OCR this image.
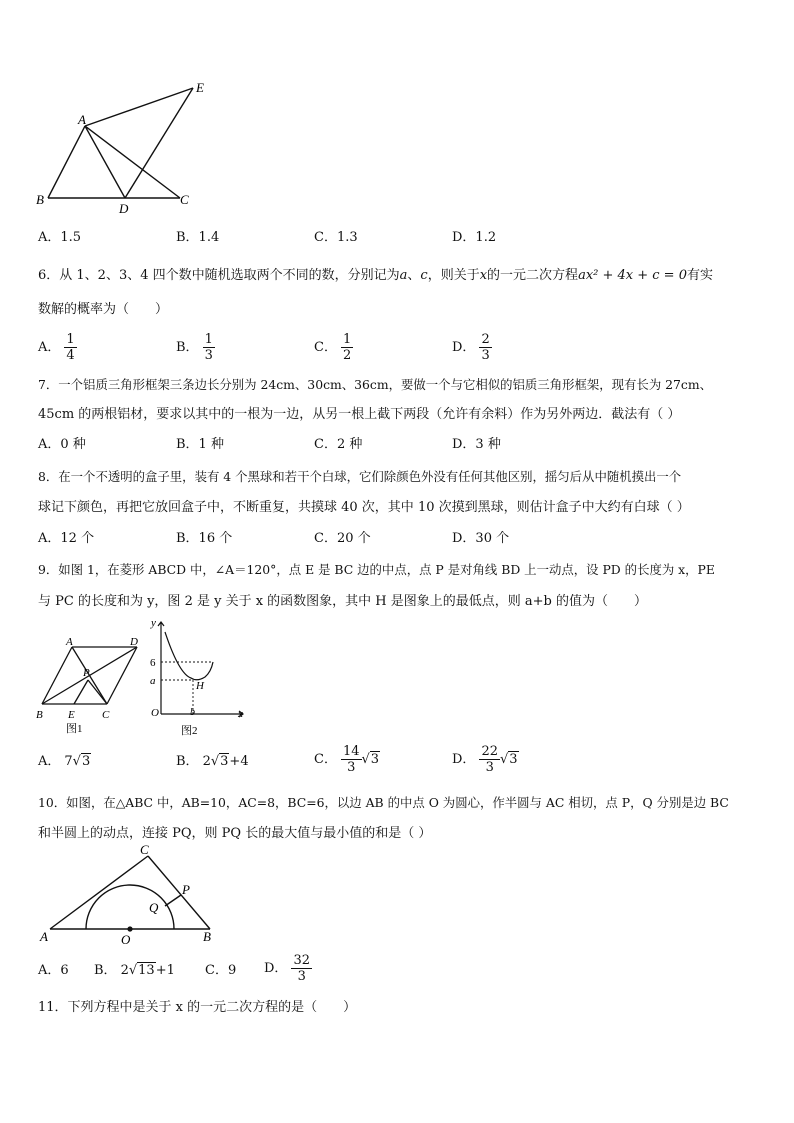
A
B	C
D
E
A．1.5	B．1.4	C．1.3	D．1.2
6．从 1、2、3、4 四个数中随机选取两个不同的数，分别记为a、c，则关于x的一元二次方程ax² + 4x + c = 0有实
数解的概率为（　　）
A． $\frac{1}{4}$	B． $\frac{1}{3}$	C． $\frac{1}{2}$	D． $\frac{2}{3}$
7．一个铝质三角形框架三条边长分别为 24cm、30cm、36cm，要做一个与它相似的铝质三角形框架，现有长为 27cm、
45cm 的两根铝材，要求以其中的一根为一边，从另一根上截下两段（允许有余料）作为另外两边．截法有（ ）
A．0 种	B．1 种	C．2 种	D．3 种
8．在一个不透明的盒子里，装有 4 个黑球和若干个白球，它们除颜色外没有任何其他区别，摇匀后从中随机摸出一个
球记下颜色，再把它放回盒子中，不断重复，共摸球 40 次，其中 10 次摸到黑球，则估计盒子中大约有白球（ ）
A．12 个	B．16 个	C．20 个	D．30 个
9．如图 1，在菱形 ABCD 中，∠A＝120°，点 E 是 BC 边的中点，点 P 是对角线 BD 上一动点，设 PD 的长度为 x，PE
与 PC 的长度和为 y，图 2 是 y 关于 x 的函数图象，其中 H 是图象上的最低点，则 a+b 的值为（　　）
A	D
P
B E C
图1
y
6
a	H
O	b	x
图2
A． 7√3	B． 2√3+4	C． $\frac{14}{3} √3$	D． $\frac{22}{3} √3$
10．如图，在△ABC 中，AB=10，AC=8，BC=6，以边 AB 的中点 O 为圆心，作半圆与 AC 相切，点 P，Q 分别是边 BC
和半圆上的动点，连接 PQ，则 PQ 长的最大值与最小值的和是（ ）
C
P
Q
A	O	B
A．6 B． 2√13+1 C．9 D． $\frac{32}{3}$
11．下列方程中是关于 x 的一元二次方程的是（　　）
